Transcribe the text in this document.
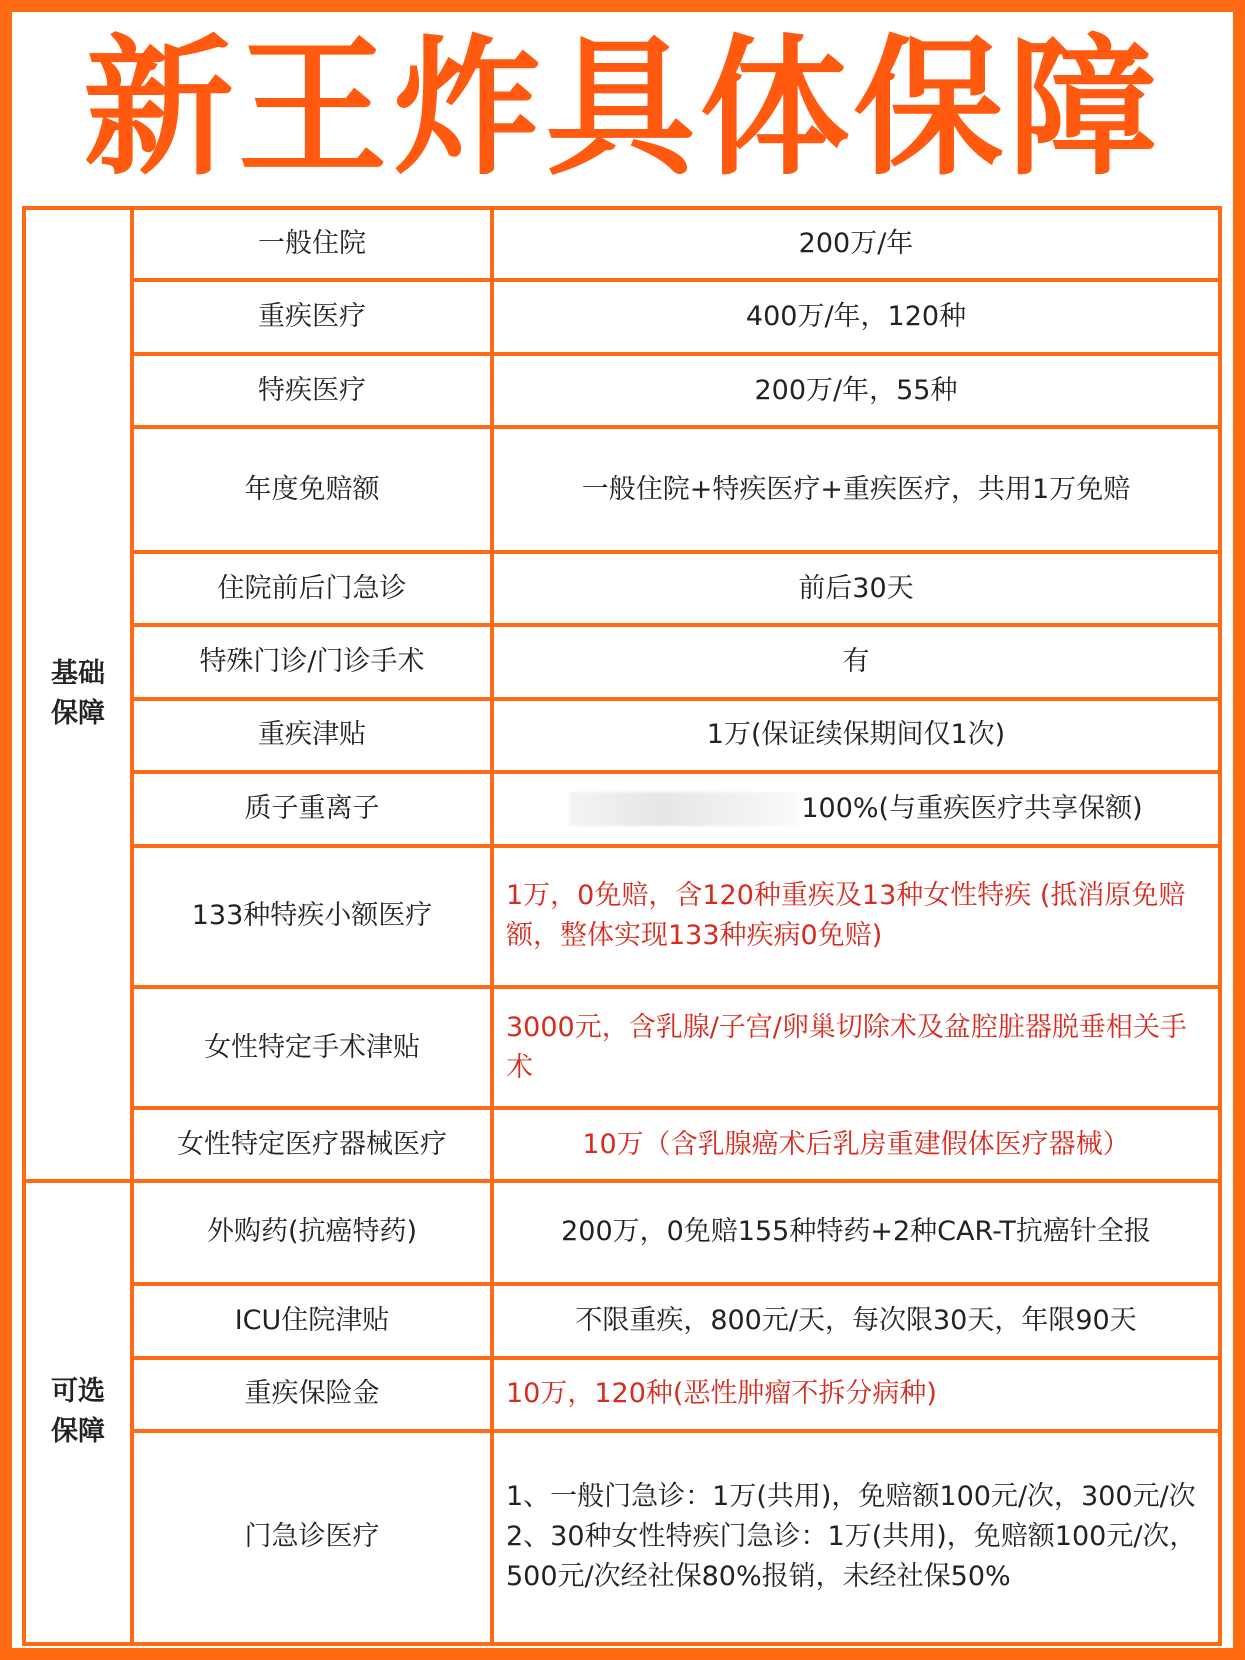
新王炸具体保障
基础保障	一般住院	200万/年
	重疾医疗	400万/年，120种
	特疾医疗	200万/年，55种
	年度免赔额	一般住院+特疾医疗+重疾医疗，共用1万免赔
	住院前后门急诊	前后30天
	特殊门诊/门诊手术	有
	重疾津贴	1万(保证续保期间仅1次)
	质子重离子	100%(与重疾医疗共享保额)
	133种特疾小额医疗	1万，0免赔，含120种重疾及13种女性特疾 (抵消原免赔额，整体实现133种疾病0免赔)
	女性特定手术津贴	3000元，含乳腺/子宫/卵巢切除术及盆腔脏器脱垂相关手术
	女性特定医疗器械医疗	10万（含乳腺癌术后乳房重建假体医疗器械）
可选保障	外购药(抗癌特药)	200万，0免赔155种特药+2种CAR-T抗癌针全报
	ICU住院津贴	不限重疾，800元/天，每次限30天，年限90天
	重疾保险金	10万，120种(恶性肿瘤不拆分病种)
	门急诊医疗	1、一般门急诊：1万(共用)，免赔额100元/次，300元/次
2、30种女性特疾门急诊：1万(共用)，免赔额100元/次，500元/次经社保80%报销，未经社保50%
